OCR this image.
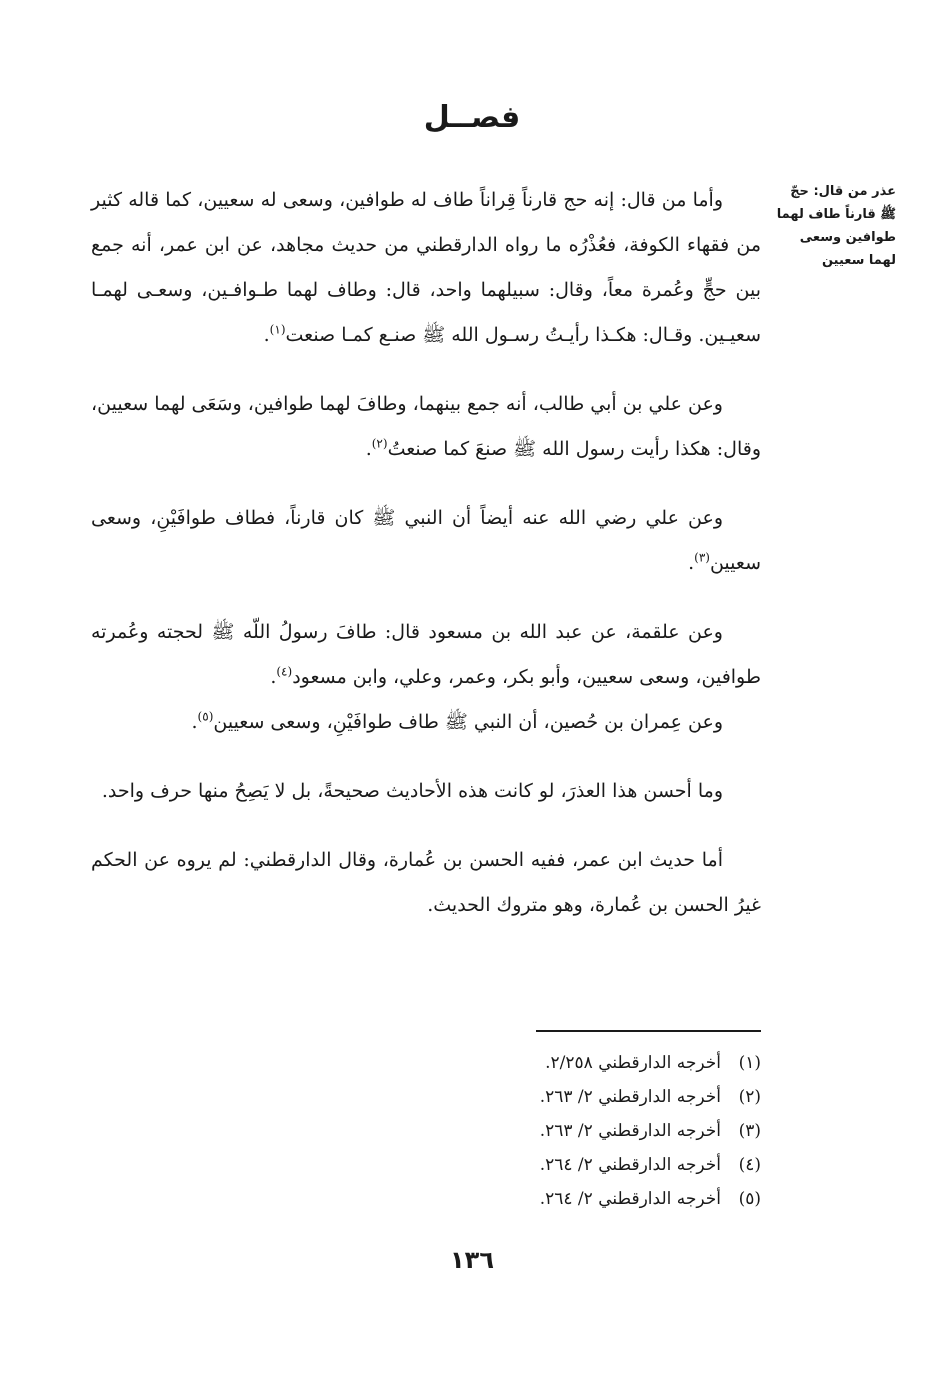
فصــل
عذر من قال: حجّ ﷺ قارناً طاف لهما طوافين وسعى لهما سعيين

وأما من قال: إنه حج قارناً قِراناً طاف له طوافين، وسعى له سعيين، كما قاله كثير من فقهاء الكوفة، فعُذْرُه ما رواه الدارقطني من حديث مجاهد، عن ابن عمر، أنه جمع بين حجٍّ وعُمرة معاً، وقال: سبيلهما واحد، قال: وطاف لهما طـوافـين، وسعـى لهمـا سعيـين. وقـال: هكـذا رأيـتُ رسـول الله ﷺ صنـع كمـا صنعت$^{(١)}$.

وعن علي بن أبي طالب، أنه جمع بينهما، وطافَ لهما طوافين، وسَعَى لهما سعيين، وقال: هكذا رأيت رسول الله ﷺ صنعَ كما صنعتُ$^{(٢)}$.

وعن علي رضي الله عنه أيضاً أن النبي ﷺ كان قارناً، فطاف طوافَيْنِ، وسعى سعيين$^{(٣)}$.

وعن علقمة، عن عبد الله بن مسعود قال: طافَ رسولُ اللّه ﷺ لحجته وعُمرته طوافين، وسعى سعيين، وأبو بكر، وعمر، وعلي، وابن مسعود$^{(٤)}$.

وعن عِمران بن حُصين، أن النبي ﷺ طاف طوافَيْنِ، وسعى سعيين$^{(٥)}$.

وما أحسن هذا العذرَ، لو كانت هذه الأحاديث صحيحةً، بل لا يَصِحُ منها حرف واحد.

أما حديث ابن عمر، ففيه الحسن بن عُمارة، وقال الدارقطني: لم يروه عن الحكم غيرُ الحسن بن عُمارة، وهو متروك الحديث.

(١)أخرجه الدارقطني ٢/٢٥٨.
(٢)أخرجه الدارقطني ٢/ ٢٦٣.
(٣)أخرجه الدارقطني ٢/ ٢٦٣.
(٤)أخرجه الدارقطني ٢/ ٢٦٤.
(٥)أخرجه الدارقطني ٢/ ٢٦٤.
١٣٦
